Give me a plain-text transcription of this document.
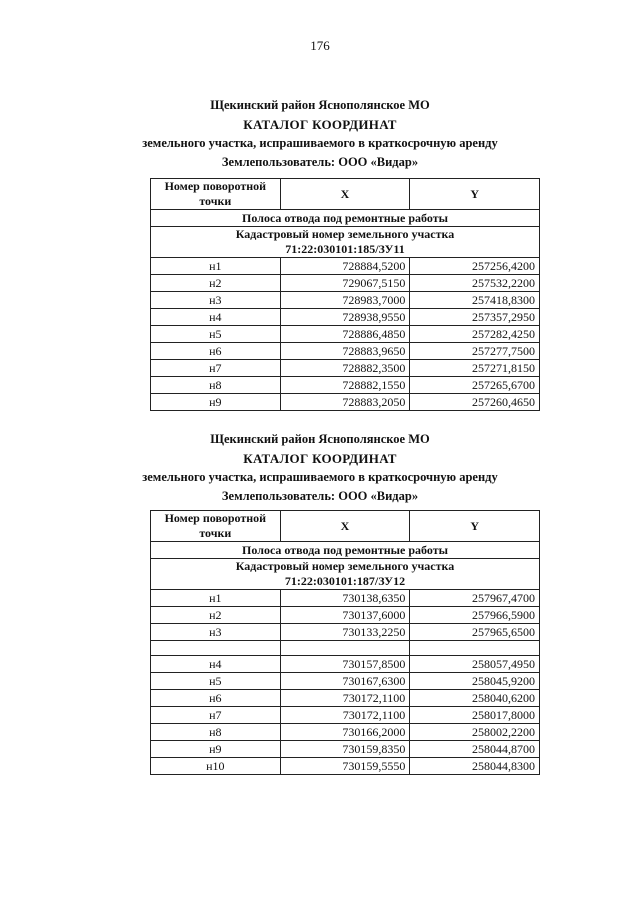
176
Щекинский район Яснополянское МО
КАТАЛОГ КООРДИНАТ
земельного участка, испрашиваемого в краткосрочную аренду
Землепользователь: ООО «Видар»
Номер поворотной точки	X	Y
Полоса отвода под ремонтные работы		

Кадастровый номер земельного участка
71:22:030101:185/ЗУ11		

н1	728884,5200	257256,4200
н2	729067,5150	257532,2200
н3	728983,7000	257418,8300
н4	728938,9550	257357,2950
н5	728886,4850	257282,4250
н6	728883,9650	257277,7500
н7	728882,3500	257271,8150
н8	728882,1550	257265,6700
н9	728883,2050	257260,4650
Щекинский район Яснополянское МО
КАТАЛОГ КООРДИНАТ
земельного участка, испрашиваемого в краткосрочную аренду
Землепользователь: ООО «Видар»
Номер поворотной точки	X	Y
Полоса отвода под ремонтные работы		

Кадастровый номер земельного участка
71:22:030101:187/ЗУ12		

н1	730138,6350	257967,4700
н2	730137,6000	257966,5900
н3	730133,2250	257965,6500

н4	730157,8500	258057,4950
н5	730167,6300	258045,9200
н6	730172,1100	258040,6200
н7	730172,1100	258017,8000
н8	730166,2000	258002,2200
н9	730159,8350	258044,8700
н10	730159,5550	258044,8300
